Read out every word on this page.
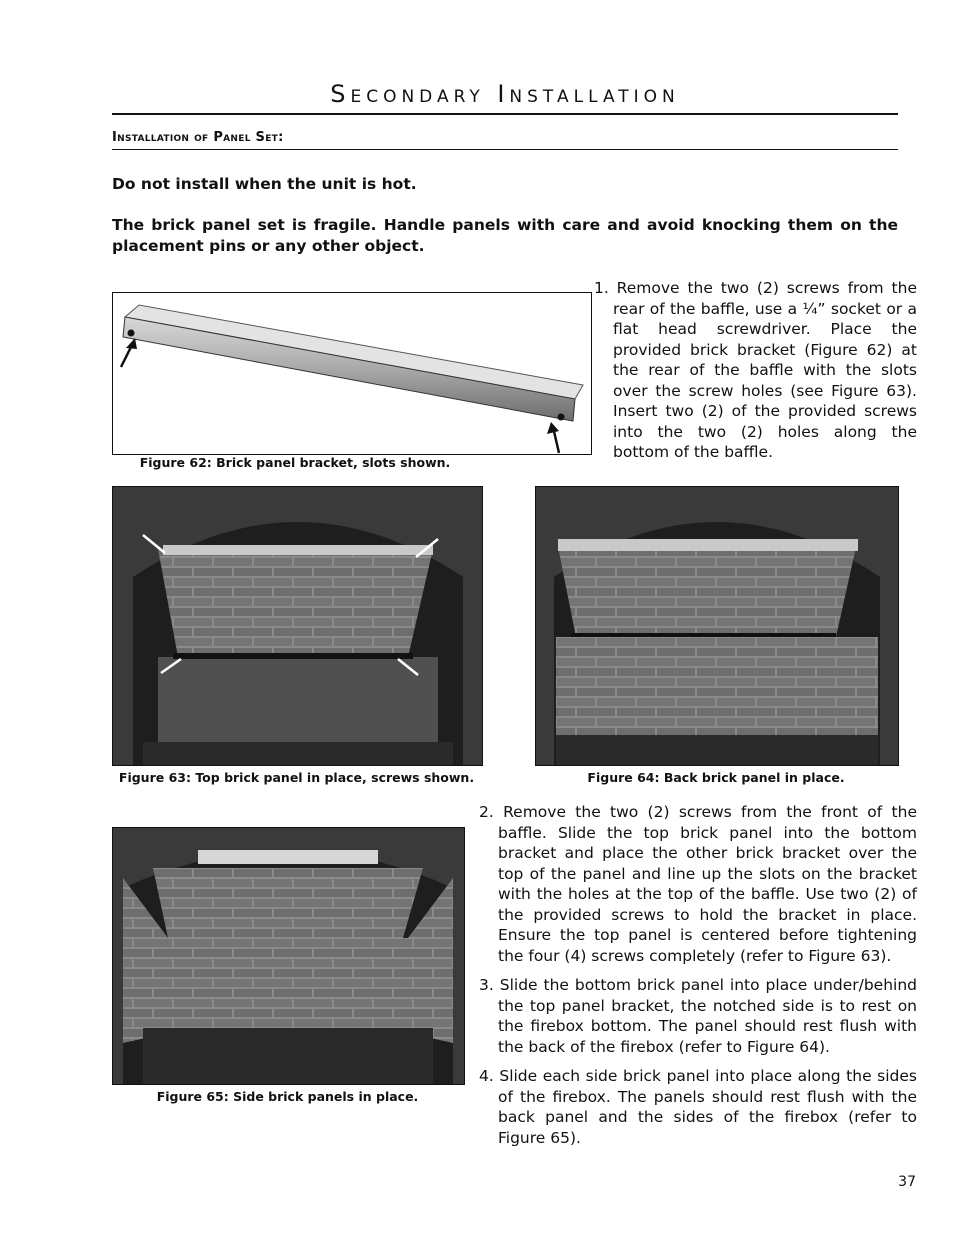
Secondary Installation
Installation of Panel Set:
Do not install when the unit is hot.
The brick panel set is fragile. Handle panels with care and avoid knocking them on the placement pins or any other object.
Figure 62: Brick panel bracket, slots shown.
1. Remove the two (2) screws from the rear of the baffle, use a ¼” socket or a flat head screwdriver. Place the provided brick bracket (Figure 62) at the rear of the baffle with the slots over the screw holes (see Figure 63). Insert two (2) of the provided screws into the two (2) holes along the bottom of the baffle.
Figure 63: Top brick panel in place, screws shown.	Figure 64: Back brick panel in place.
2. Remove the two (2) screws from the front of the baffle. Slide the top brick panel into the bottom bracket and place the other brick bracket over the top of the panel and line up the slots on the bracket with the holes at the top of the baffle. Use two (2) of the provided screws to hold the bracket in place. Ensure the top panel is centered before tightening the four (4) screws completely (refer to Figure 63).
3. Slide the bottom brick panel into place under/behind the top panel bracket, the notched side is to rest on the firebox bottom. The panel should rest flush with the back of the firebox (refer to Figure 64).
4. Slide each side brick panel into place along the sides of the firebox. The panels should rest flush with the back panel and the sides of the firebox (refer to Figure 65).
Figure 65: Side brick panels in place.
37
